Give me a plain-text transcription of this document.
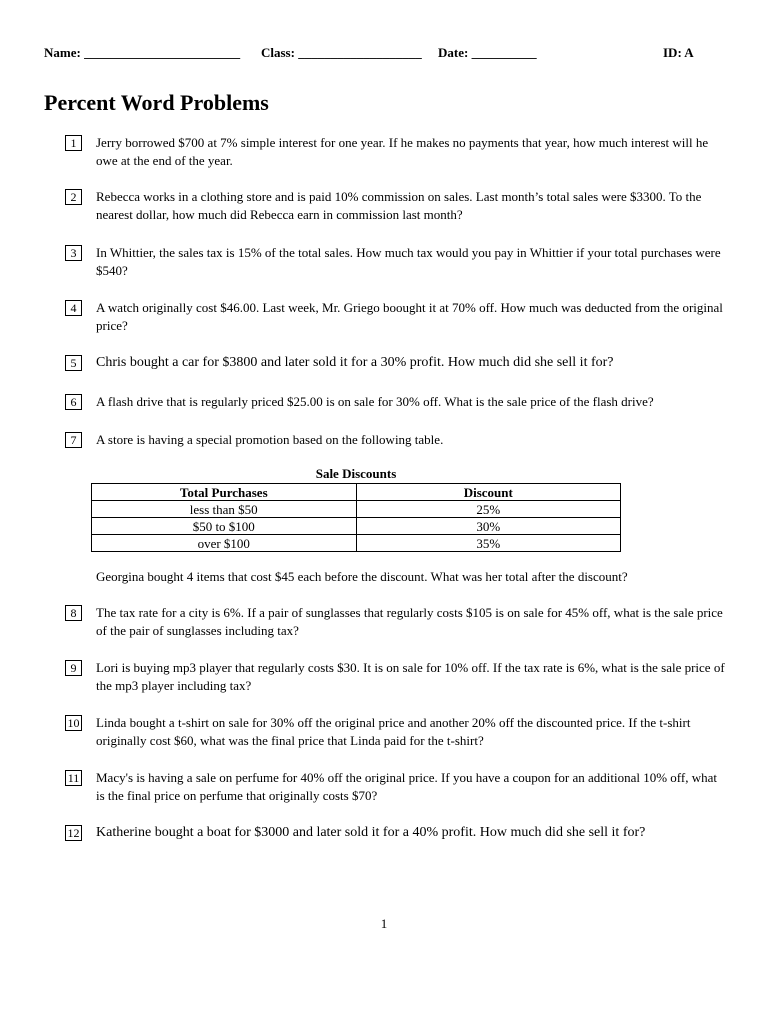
Name: ________________________ Class: ___________________ Date: __________	ID: A
Percent Word Problems
1	Jerry borrowed $700 at 7% simple interest for one year. If he makes no payments that year, how much interest will he owe at the end of the year.
2	Rebecca works in a clothing store and is paid 10% commission on sales. Last month’s total sales were $3300. To the nearest dollar, how much did Rebecca earn in commission last month?
3	In Whittier, the sales tax is 15% of the total sales. How much tax would you pay in Whittier if your total purchases were $540?
4	A watch originally cost $46.00. Last week, Mr. Griego boought it at 70% off. How much was deducted from the original price?
5	Chris bought a car for $3800 and later sold it for a 30% profit. How much did she sell it for?
6	A flash drive that is regularly priced $25.00 is on sale for 30% off. What is the sale price of the flash drive?
7	A store is having a special promotion based on the following table.
Sale Discounts
Total Purchases	Discount
less than $50	25%
$50 to $100	30%
over $100	35%
Georgina bought 4 items that cost $45 each before the discount. What was her total after the discount?
8	The tax rate for a city is 6%. If a pair of sunglasses that regularly costs $105 is on sale for 45% off, what is the sale price of the pair of sunglasses including tax?
9	Lori is buying mp3 player that regularly costs $30. It is on sale for 10% off. If the tax rate is 6%, what is the sale price of the mp3 player including tax?
10 Linda bought a t-shirt on sale for 30% off the original price and another 20% off the discounted price. If the t-shirt originally cost $60, what was the final price that Linda paid for the t-shirt?
11 Macy's is having a sale on perfume for 40% off the original price. If you have a coupon for an additional 10% off, what is the final price on perfume that originally costs $70?
12 Katherine bought a boat for $3000 and later sold it for a 40% profit. How much did she sell it for?
1
